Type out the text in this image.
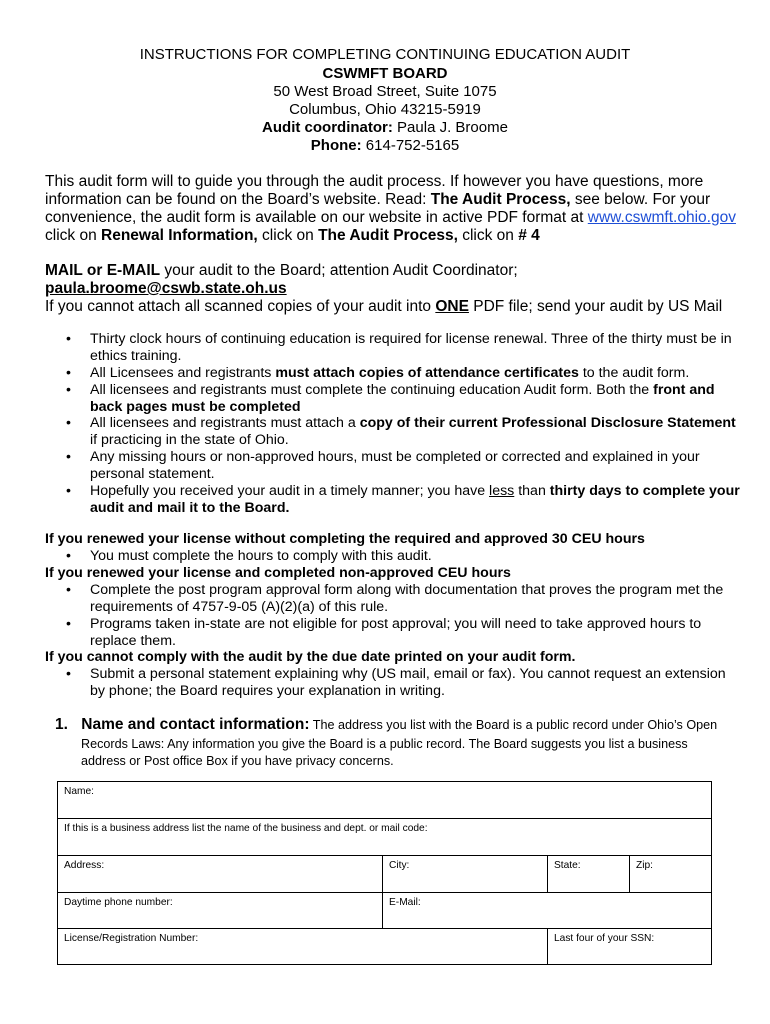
INSTRUCTIONS FOR COMPLETING CONTINUING EDUCATION AUDIT
CSWMFT BOARD
50 West Broad Street, Suite 1075
Columbus, Ohio 43215-5919
Audit coordinator: Paula J. Broome
Phone: 614-752-5165
This audit form will to guide you through the audit process. If however you have questions, more
information can be found on the Board’s website. Read: The Audit Process, see below. For your
convenience, the audit form is available on our website in active PDF format at www.cswmft.ohio.gov
click on Renewal Information, click on The Audit Process, click on # 4
MAIL or E-MAIL your audit to the Board; attention Audit Coordinator;
paula.broome@cswb.state.oh.us
If you cannot attach all scanned copies of your audit into ONE PDF file; send your audit by US Mail
•	Thirty clock hours of continuing education is required for license renewal. Three of the thirty must be in
ethics training.
•	All Licensees and registrants must attach copies of attendance certificates to the audit form.
•	All licensees and registrants must complete the continuing education Audit form. Both the front and
back pages must be completed
•	All licensees and registrants must attach a copy of their current Professional Disclosure Statement
if practicing in the state of Ohio.
•	Any missing hours or non-approved hours, must be completed or corrected and explained in your
personal statement.
•	Hopefully you received your audit in a timely manner; you have less than thirty days to complete your
audit and mail it to the Board.
If you renewed your license without completing the required and approved 30 CEU hours
•	You must complete the hours to comply with this audit.
If you renewed your license and completed non-approved CEU hours
•	Complete the post program approval form along with documentation that proves the program met the
requirements of 4757-9-05 (A)(2)(a) of this rule.
•	Programs taken in-state are not eligible for post approval; you will need to take approved hours to
replace them.
If you cannot comply with the audit by the due date printed on your audit form.
•	Submit a personal statement explaining why (US mail, email or fax). You cannot request an extension
by phone; the Board requires your explanation in writing.
1. Name and contact information: The address you list with the Board is a public record under Ohio’s Open
Records Laws: Any information you give the Board is a public record. The Board suggests you list a business
address or Post office Box if you have privacy concerns.
Name:			
If this is a business address list the name of the business and dept. or mail code:			
Address:	City:	State:	Zip:
Daytime phone number:	E-Mail:		
License/Registration Number:		Last four of your SSN:	
